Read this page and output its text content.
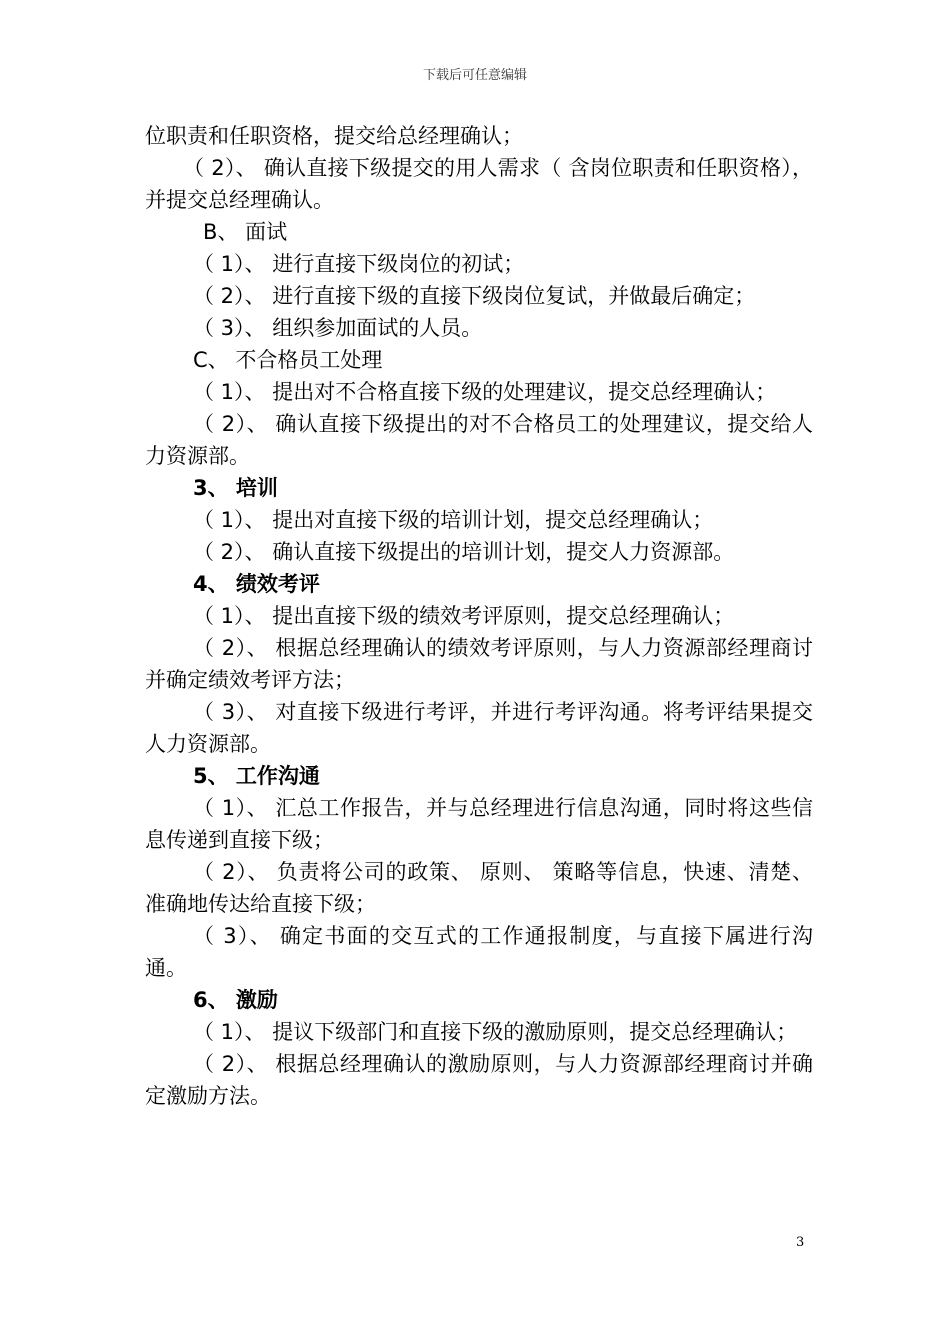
下载后可任意编辑

位职责和任职资格，提交给总经理确认；

（ 2）、 确认直接下级提交的用人需求（ 含岗位职责和任职资格），并提交总经理确认。

B、 面试

（ 1）、 进行直接下级岗位的初试；

（ 2）、 进行直接下级的直接下级岗位复试，并做最后确定；

（ 3）、 组织参加面试的人员。

C、 不合格员工处理

（ 1）、 提出对不合格直接下级的处理建议，提交总经理确认；

（ 2）、 确认直接下级提出的对不合格员工的处理建议，提交给人力资源部。

3、 培训

（ 1）、 提出对直接下级的培训计划，提交总经理确认；

（ 2）、 确认直接下级提出的培训计划，提交人力资源部。

4、 绩效考评

（ 1）、 提出直接下级的绩效考评原则，提交总经理确认；

（ 2）、 根据总经理确认的绩效考评原则，与人力资源部经理商讨并确定绩效考评方法；

（ 3）、 对直接下级进行考评，并进行考评沟通。将考评结果提交人力资源部。

5、 工作沟通

（ 1）、 汇总工作报告，并与总经理进行信息沟通，同时将这些信息传递到直接下级；

（ 2）、 负责将公司的政策、 原则、 策略等信息，快速、清楚、 准确地传达给直接下级；

（ 3）、 确定书面的交互式的工作通报制度，与直接下属进行沟通。

6、 激励

（ 1）、 提议下级部门和直接下级的激励原则，提交总经理确认；

（ 2）、 根据总经理确认的激励原则，与人力资源部经理商讨并确定激励方法。

3
